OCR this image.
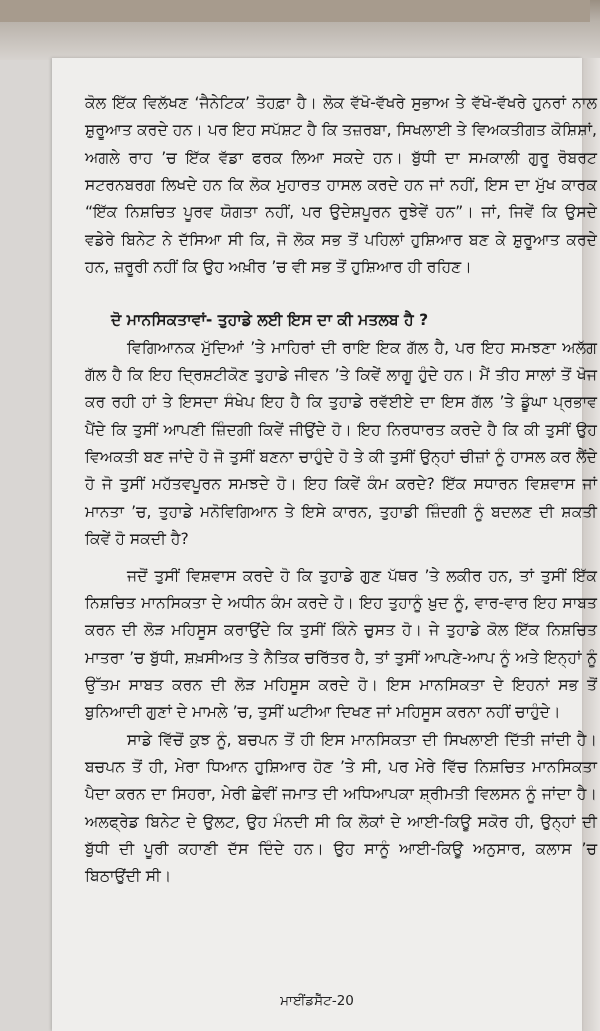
ਕੋਲ ਇੱਕ ਵਿਲੱਖਣ ‘ਜੈਨੇਟਿਕ’ ਤੋਹਫ਼ਾ ਹੈ। ਲੋਕ ਵੱਖੋ-ਵੱਖਰੇ ਸੁਭਾਅ ਤੇ ਵੱਖੋ-ਵੱਖਰੇ ਹੁਨਰਾਂ ਨਾਲ ਸ਼ੁਰੂਆਤ ਕਰਦੇ ਹਨ। ਪਰ ਇਹ ਸਪੱਸ਼ਟ ਹੈ ਕਿ ਤਜ਼ਰਬਾ, ਸਿਖਲਾਈ ਤੇ ਵਿਅਕਤੀਗਤ ਕੋਸ਼ਿਸ਼ਾਂ, ਅਗਲੇ ਰਾਹ ’ਚ ਇੱਕ ਵੱਡਾ ਫਰਕ ਲਿਆ ਸਕਦੇ ਹਨ। ਬੁੱਧੀ ਦਾ ਸਮਕਾਲੀ ਗੁਰੂ ਰੋਬਰਟ ਸਟਰਨਬਰਗ ਲਿਖਦੇ ਹਨ ਕਿ ਲੋਕ ਮੁਹਾਰਤ ਹਾਸਲ ਕਰਦੇ ਹਨ ਜਾਂ ਨਹੀਂ, ਇਸ ਦਾ ਮੁੱਖ ਕਾਰਕ “ਇੱਕ ਨਿਸ਼ਚਿਤ ਪੂਰਵ ਯੋਗਤਾ ਨਹੀਂ, ਪਰ ਉਦੇਸ਼ਪੂਰਨ ਰੁਝੇਵੇਂ ਹਨ”। ਜਾਂ, ਜਿਵੇਂ ਕਿ ਉਸਦੇ ਵਡੇਰੇ ਬਿਨੇਟ ਨੇ ਦੱਸਿਆ ਸੀ ਕਿ, ਜੋ ਲੋਕ ਸਭ ਤੋਂ ਪਹਿਲਾਂ ਹੁਸ਼ਿਆਰ ਬਣ ਕੇ ਸ਼ੁਰੂਆਤ ਕਰਦੇ ਹਨ, ਜ਼ਰੂਰੀ ਨਹੀਂ ਕਿ ਉਹ ਅਖ਼ੀਰ ’ਚ ਵੀ ਸਭ ਤੋਂ ਹੁਸ਼ਿਆਰ ਹੀ ਰਹਿਣ।

ਦੋ ਮਾਨਸਿਕਤਾਵਾਂ- ਤੁਹਾਡੇ ਲਈ ਇਸ ਦਾ ਕੀ ਮਤਲਬ ਹੈ ?

ਵਿਗਿਆਨਕ ਮੁੱਦਿਆਂ ’ਤੇ ਮਾਹਿਰਾਂ ਦੀ ਰਾਇ ਇਕ ਗੱਲ ਹੈ, ਪਰ ਇਹ ਸਮਝਣਾ ਅਲੱਗ ਗੱਲ ਹੈ ਕਿ ਇਹ ਦ੍ਰਿਸ਼ਟੀਕੋਣ ਤੁਹਾਡੇ ਜੀਵਨ ’ਤੇ ਕਿਵੇਂ ਲਾਗੂ ਹੁੰਦੇ ਹਨ। ਮੈਂ ਤੀਹ ਸਾਲਾਂ ਤੋਂ ਖੋਜ ਕਰ ਰਹੀ ਹਾਂ ਤੇ ਇਸਦਾ ਸੰਖੇਪ ਇਹ ਹੈ ਕਿ ਤੁਹਾਡੇ ਰਵੱਈਏ ਦਾ ਇਸ ਗੱਲ ’ਤੇ ਡੂੰਘਾ ਪ੍ਰਭਾਵ ਪੈਂਦੇ ਕਿ ਤੁਸੀਂ ਆਪਣੀ ਜ਼ਿੰਦਗੀ ਕਿਵੇਂ ਜੀਉਂਦੇ ਹੋ। ਇਹ ਨਿਰਧਾਰਤ ਕਰਦੇ ਹੈ ਕਿ ਕੀ ਤੁਸੀਂ ਉਹ ਵਿਅਕਤੀ ਬਣ ਜਾਂਦੇ ਹੋ ਜੋ ਤੁਸੀਂ ਬਣਨਾ ਚਾਹੁੰਦੇ ਹੋ ਤੇ ਕੀ ਤੁਸੀਂ ਉਨ੍ਹਾਂ ਚੀਜ਼ਾਂ ਨੂੰ ਹਾਸਲ ਕਰ ਲੈਂਦੇ ਹੋ ਜੋ ਤੁਸੀਂ ਮਹੱਤਵਪੂਰਨ ਸਮਝਦੇ ਹੋ। ਇਹ ਕਿਵੇਂ ਕੰਮ ਕਰਦੇ? ਇੱਕ ਸਧਾਰਨ ਵਿਸ਼ਵਾਸ ਜਾਂ ਮਾਨਤਾ ’ਚ, ਤੁਹਾਡੇ ਮਨੋਵਿਗਿਆਨ ਤੇ ਇਸੇ ਕਾਰਨ, ਤੁਹਾਡੀ ਜ਼ਿੰਦਗੀ ਨੂੰ ਬਦਲਣ ਦੀ ਸ਼ਕਤੀ ਕਿਵੇਂ ਹੋ ਸਕਦੀ ਹੈ?

ਜਦੋਂ ਤੁਸੀਂ ਵਿਸ਼ਵਾਸ ਕਰਦੇ ਹੋ ਕਿ ਤੁਹਾਡੇ ਗੁਣ ਪੱਥਰ ’ਤੇ ਲਕੀਰ ਹਨ, ਤਾਂ ਤੁਸੀਂ ਇੱਕ ਨਿਸ਼ਚਿਤ ਮਾਨਸਿਕਤਾ ਦੇ ਅਧੀਨ ਕੰਮ ਕਰਦੇ ਹੋ। ਇਹ ਤੁਹਾਨੂੰ ਖ਼ੁਦ ਨੂੰ, ਵਾਰ-ਵਾਰ ਇਹ ਸਾਬਤ ਕਰਨ ਦੀ ਲੋੜ ਮਹਿਸੂਸ ਕਰਾਉਂਦੇ ਕਿ ਤੁਸੀਂ ਕਿੰਨੇ ਚੁਸਤ ਹੋ। ਜੇ ਤੁਹਾਡੇ ਕੋਲ ਇੱਕ ਨਿਸ਼ਚਿਤ ਮਾਤਰਾ ’ਚ ਬੁੱਧੀ, ਸ਼ਖ਼ਸੀਅਤ ਤੇ ਨੈਤਿਕ ਚਰਿੱਤਰ ਹੈ, ਤਾਂ ਤੁਸੀਂ ਆਪਣੇ-ਆਪ ਨੂੰ ਅਤੇ ਇਨ੍ਹਾਂ ਨੂੰ ਉੱਤਮ ਸਾਬਤ ਕਰਨ ਦੀ ਲੋੜ ਮਹਿਸੂਸ ਕਰਦੇ ਹੋ। ਇਸ ਮਾਨਸਿਕਤਾ ਦੇ ਇਹਨਾਂ ਸਭ ਤੋਂ ਬੁਨਿਆਦੀ ਗੁਣਾਂ ਦੇ ਮਾਮਲੇ ’ਚ, ਤੁਸੀਂ ਘਟੀਆ ਦਿਖਣ ਜਾਂ ਮਹਿਸੂਸ ਕਰਨਾ ਨਹੀਂ ਚਾਹੁੰਦੇ।

ਸਾਡੇ ਵਿੱਚੋਂ ਕੁਝ ਨੂੰ, ਬਚਪਨ ਤੋਂ ਹੀ ਇਸ ਮਾਨਸਿਕਤਾ ਦੀ ਸਿਖਲਾਈ ਦਿੱਤੀ ਜਾਂਦੀ ਹੈ। ਬਚਪਨ ਤੋਂ ਹੀ, ਮੇਰਾ ਧਿਆਨ ਹੁਸ਼ਿਆਰ ਹੋਣ ’ਤੇ ਸੀ, ਪਰ ਮੇਰੇ ਵਿੱਚ ਨਿਸ਼ਚਿਤ ਮਾਨਸਿਕਤਾ ਪੈਦਾ ਕਰਨ ਦਾ ਸਿਹਰਾ, ਮੇਰੀ ਛੇਵੀਂ ਜਮਾਤ ਦੀ ਅਧਿਆਪਕਾ ਸ਼੍ਰੀਮਤੀ ਵਿਲਸਨ ਨੂੰ ਜਾਂਦਾ ਹੈ। ਅਲਫ੍ਰੇਡ ਬਿਨੇਟ ਦੇ ਉਲਟ, ਉਹ ਮੰਨਦੀ ਸੀ ਕਿ ਲੋਕਾਂ ਦੇ ਆਈ-ਕਿਊ ਸਕੋਰ ਹੀ, ਉਨ੍ਹਾਂ ਦੀ ਬੁੱਧੀ ਦੀ ਪੂਰੀ ਕਹਾਣੀ ਦੱਸ ਦਿੰਦੇ ਹਨ। ਉਹ ਸਾਨੂੰ ਆਈ-ਕਿਊ ਅਨੁਸਾਰ, ਕਲਾਸ ’ਚ ਬਿਠਾਉਂਦੀ ਸੀ।

ਮਾਈਂਡਸੈੱਟ-20
